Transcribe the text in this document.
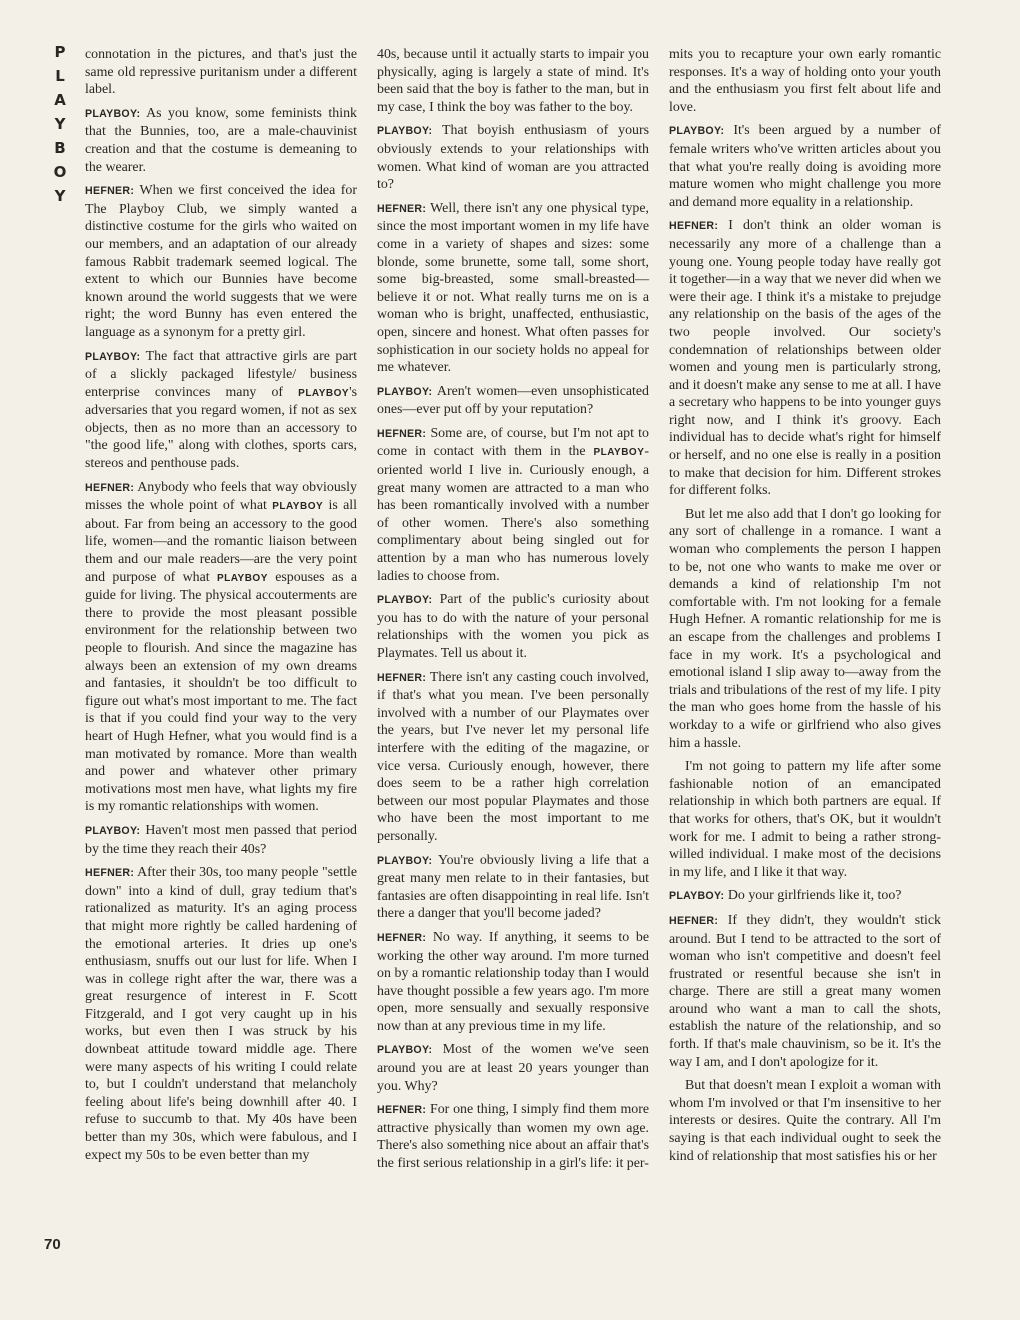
P
L
A
Y
B
O
Y

connotation in the pictures, and that's just the same old repressive puritanism under a different label.

PLAYBOY: As you know, some feminists think that the Bunnies, too, are a male-chauvinist creation and that the costume is demeaning to the wearer.

HEFNER: When we first conceived the idea for The Playboy Club, we simply wanted a distinctive costume for the girls who waited on our members, and an adaptation of our already famous Rabbit trademark seemed logical. The extent to which our Bunnies have become known around the world suggests that we were right; the word Bunny has even entered the language as a synonym for a pretty girl.

PLAYBOY: The fact that attractive girls are part of a slickly packaged lifestyle/ business enterprise convinces many of PLAYBOY's adversaries that you regard women, if not as sex objects, then as no more than an accessory to "the good life," along with clothes, sports cars, stereos and penthouse pads.

HEFNER: Anybody who feels that way obviously misses the whole point of what PLAYBOY is all about. Far from being an accessory to the good life, women—and the romantic liaison between them and our male readers—are the very point and purpose of what PLAYBOY espouses as a guide for living. The physical accouterments are there to provide the most pleasant possible environment for the relationship between two people to flourish. And since the magazine has always been an extension of my own dreams and fantasies, it shouldn't be too difficult to figure out what's most important to me. The fact is that if you could find your way to the very heart of Hugh Hefner, what you would find is a man motivated by romance. More than wealth and power and whatever other primary motivations most men have, what lights my fire is my romantic relationships with women.

PLAYBOY: Haven't most men passed that period by the time they reach their 40s?

HEFNER: After their 30s, too many people "settle down" into a kind of dull, gray tedium that's rationalized as maturity. It's an aging process that might more rightly be called hardening of the emotional arteries. It dries up one's enthusiasm, snuffs out our lust for life. When I was in college right after the war, there was a great resurgence of interest in F. Scott Fitzgerald, and I got very caught up in his works, but even then I was struck by his downbeat attitude toward middle age. There were many aspects of his writing I could relate to, but I couldn't understand that melancholy feeling about life's being downhill after 40. I refuse to succumb to that. My 40s have been better than my 30s, which were fabulous, and I expect my 50s to be even better than my

40s, because until it actually starts to impair you physically, aging is largely a state of mind. It's been said that the boy is father to the man, but in my case, I think the boy was father to the boy.

PLAYBOY: That boyish enthusiasm of yours obviously extends to your relationships with women. What kind of woman are you attracted to?

HEFNER: Well, there isn't any one physical type, since the most important women in my life have come in a variety of shapes and sizes: some blonde, some brunette, some tall, some short, some big-breasted, some small-breasted—believe it or not. What really turns me on is a woman who is bright, unaffected, enthusiastic, open, sincere and honest. What often passes for sophistication in our society holds no appeal for me whatever.

PLAYBOY: Aren't women—even unsophisticated ones—ever put off by your reputation?

HEFNER: Some are, of course, but I'm not apt to come in contact with them in the PLAYBOY-oriented world I live in. Curiously enough, a great many women are attracted to a man who has been romantically involved with a number of other women. There's also something complimentary about being singled out for attention by a man who has numerous lovely ladies to choose from.

PLAYBOY: Part of the public's curiosity about you has to do with the nature of your personal relationships with the women you pick as Playmates. Tell us about it.

HEFNER: There isn't any casting couch involved, if that's what you mean. I've been personally involved with a number of our Playmates over the years, but I've never let my personal life interfere with the editing of the magazine, or vice versa. Curiously enough, however, there does seem to be a rather high correlation between our most popular Playmates and those who have been the most important to me personally.

PLAYBOY: You're obviously living a life that a great many men relate to in their fantasies, but fantasies are often disappointing in real life. Isn't there a danger that you'll become jaded?

HEFNER: No way. If anything, it seems to be working the other way around. I'm more turned on by a romantic relationship today than I would have thought possible a few years ago. I'm more open, more sensually and sexually responsive now than at any previous time in my life.

PLAYBOY: Most of the women we've seen around you are at least 20 years younger than you. Why?

HEFNER: For one thing, I simply find them more attractive physically than women my own age. There's also something nice about an affair that's the first serious relationship in a girl's life: it per-

mits you to recapture your own early romantic responses. It's a way of holding onto your youth and the enthusiasm you first felt about life and love.

PLAYBOY: It's been argued by a number of female writers who've written articles about you that what you're really doing is avoiding more mature women who might challenge you more and demand more equality in a relationship.

HEFNER: I don't think an older woman is necessarily any more of a challenge than a young one. Young people today have really got it together—in a way that we never did when we were their age. I think it's a mistake to prejudge any relationship on the basis of the ages of the two people involved. Our society's condemnation of relationships between older women and young men is particularly strong, and it doesn't make any sense to me at all. I have a secretary who happens to be into younger guys right now, and I think it's groovy. Each individual has to decide what's right for himself or herself, and no one else is really in a position to make that decision for him. Different strokes for different folks.

But let me also add that I don't go looking for any sort of challenge in a romance. I want a woman who complements the person I happen to be, not one who wants to make me over or demands a kind of relationship I'm not comfortable with. I'm not looking for a female Hugh Hefner. A romantic relationship for me is an escape from the challenges and problems I face in my work. It's a psychological and emotional island I slip away to—away from the trials and tribulations of the rest of my life. I pity the man who goes home from the hassle of his workday to a wife or girlfriend who also gives him a hassle.

I'm not going to pattern my life after some fashionable notion of an emancipated relationship in which both partners are equal. If that works for others, that's OK, but it wouldn't work for me. I admit to being a rather strong-willed individual. I make most of the decisions in my life, and I like it that way.

PLAYBOY: Do your girlfriends like it, too?

HEFNER: If they didn't, they wouldn't stick around. But I tend to be attracted to the sort of woman who isn't competitive and doesn't feel frustrated or resentful because she isn't in charge. There are still a great many women around who want a man to call the shots, establish the nature of the relationship, and so forth. If that's male chauvinism, so be it. It's the way I am, and I don't apologize for it.

But that doesn't mean I exploit a woman with whom I'm involved or that I'm insensitive to her interests or desires. Quite the contrary. All I'm saying is that each individual ought to seek the kind of relationship that most satisfies his or her

70
